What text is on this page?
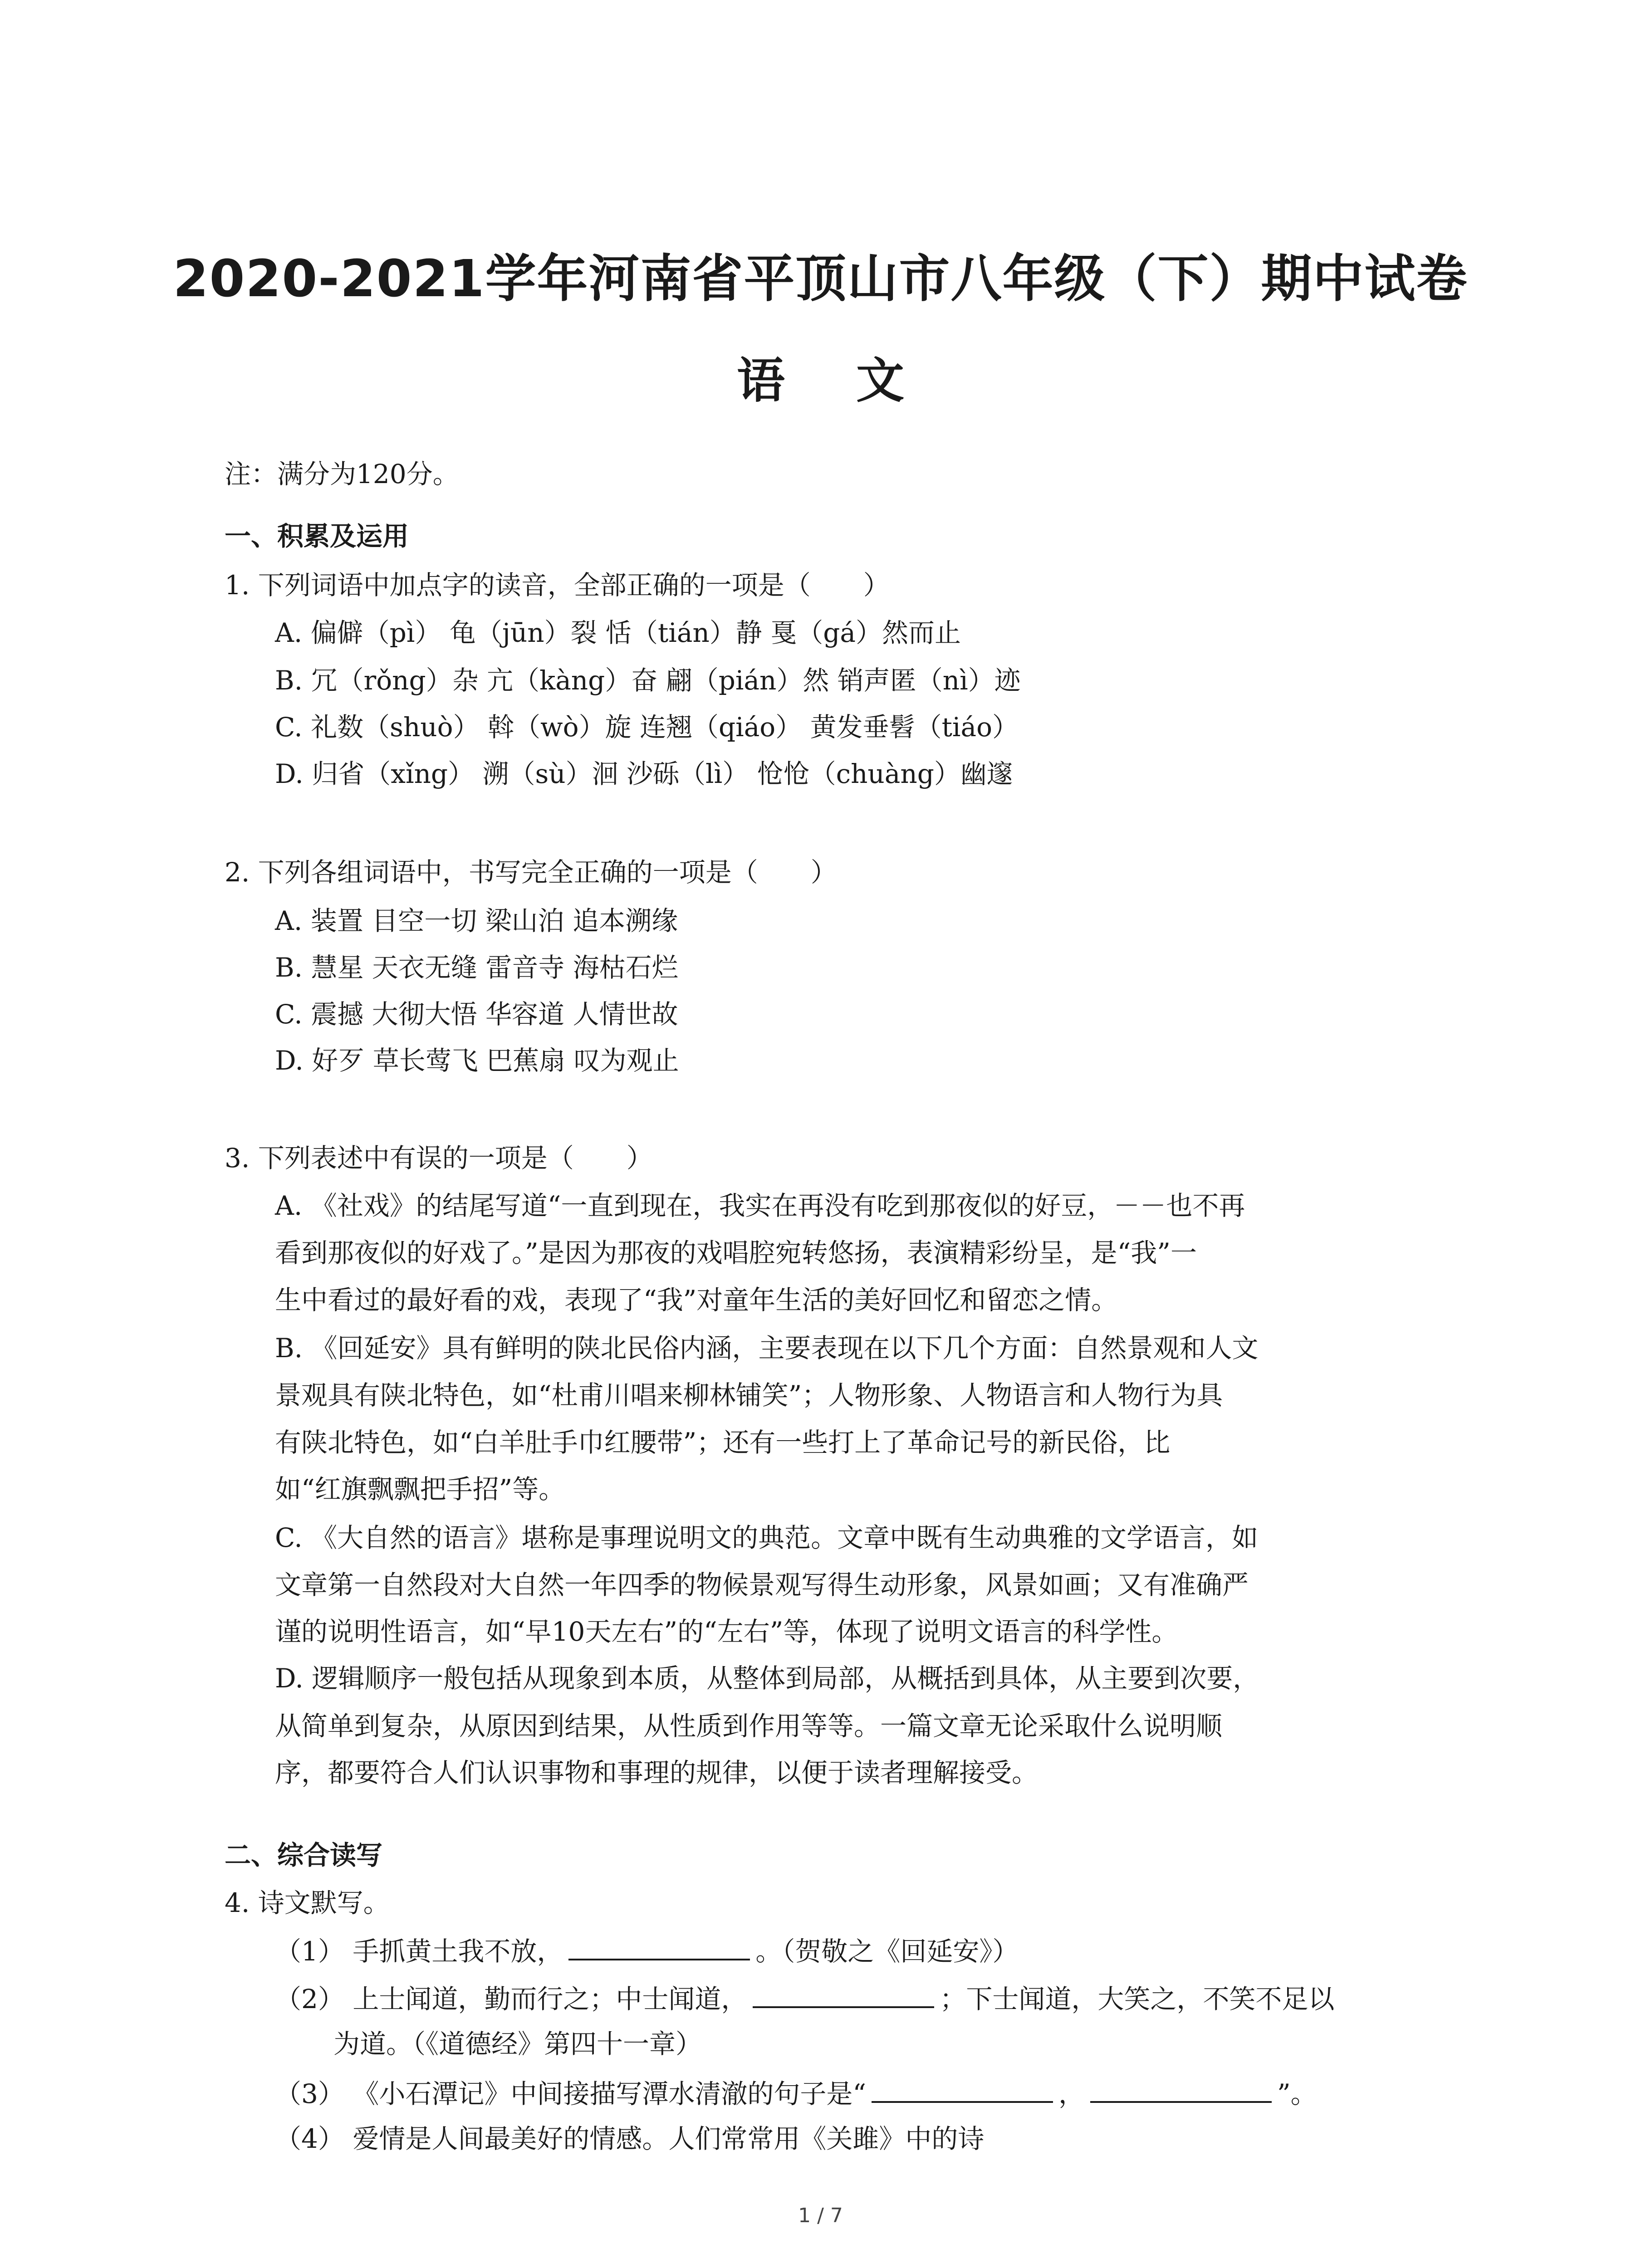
2020-2021学年河南省平顶山市八年级（下）期中试卷
语 文
注：满分为120分。
一、积累及运用
1. 下列词语中加点字的读音，全部正确的一项是（　　）
A. 偏僻（pì） 龟（jūn）裂 恬（tián）静 戛（gá）然而止
B. 冗（rǒng）杂 亢（kàng）奋 翩（pián）然 销声匿（nì）迹
C. 礼数（shuò） 斡（wò）旋 连翘（qiáo） 黄发垂髫（tiáo）
D. 归省（xǐng） 溯（sù）洄 沙砾（lì） 怆怆（chuàng）幽邃
2. 下列各组词语中，书写完全正确的一项是（　　）
A. 装置 目空一切 梁山泊 追本溯缘
B. 慧星 天衣无缝 雷音寺 海枯石烂
C. 震撼 大彻大悟 华容道 人情世故
D. 好歹 草长莺飞 巴蕉扇 叹为观止
3. 下列表述中有误的一项是（　　）
A. 《社戏》的结尾写道“一直到现在，我实在再没有吃到那夜似的好豆，－－也不再
看到那夜似的好戏了。”是因为那夜的戏唱腔宛转悠扬，表演精彩纷呈，是“我”一
生中看过的最好看的戏，表现了“我”对童年生活的美好回忆和留恋之情。
B. 《回延安》具有鲜明的陕北民俗内涵，主要表现在以下几个方面：自然景观和人文
景观具有陕北特色，如“杜甫川唱来柳林铺笑”；人物形象、人物语言和人物行为具
有陕北特色，如“白羊肚手巾红腰带”；还有一些打上了革命记号的新民俗，比
如“红旗飘飘把手招”等。
C. 《大自然的语言》堪称是事理说明文的典范。文章中既有生动典雅的文学语言，如
文章第一自然段对大自然一年四季的物候景观写得生动形象，风景如画；又有准确严
谨的说明性语言，如“早10天左右”的“左右”等，体现了说明文语言的科学性。
D. 逻辑顺序一般包括从现象到本质，从整体到局部，从概括到具体，从主要到次要，
从简单到复杂，从原因到结果，从性质到作用等等。一篇文章无论采取什么说明顺
序，都要符合人们认识事物和事理的规律，以便于读者理解接受。
二、综合读写
4. 诗文默写。
（1） 手抓黄土我不放，	。（贺敬之《回延安》）
（2） 上士闻道，勤而行之；中士闻道，	；下士闻道，大笑之，不笑不足以
为道。（《道德经》第四十一章）
（3） 《小石潭记》中间接描写潭水清澈的句子是“	，	”。
（4） 爱情是人间最美好的情感。人们常常用《关雎》中的诗
1 / 7
